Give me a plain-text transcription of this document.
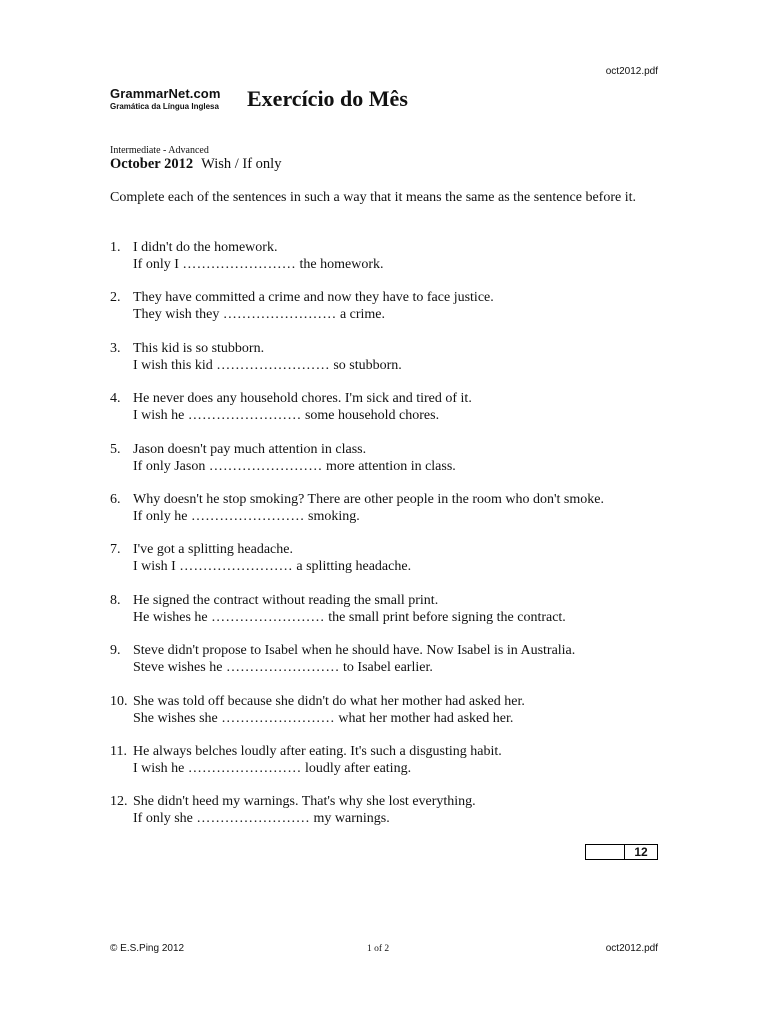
oct2012.pdf
GrammarNet.com
Gramática da Língua Inglesa Exercício do Mês
Intermediate - Advanced
October 2012 Wish / If only
Complete each of the sentences in such a way that it means the same as the sentence before it.
1. I didn't do the homework.
If only I …………………… the homework.
2. They have committed a crime and now they have to face justice.
They wish they …………………… a crime.
3. This kid is so stubborn.
I wish this kid …………………… so stubborn.
4. He never does any household chores. I'm sick and tired of it.
I wish he …………………… some household chores.
5. Jason doesn't pay much attention in class.
If only Jason …………………… more attention in class.
6. Why doesn't he stop smoking? There are other people in the room who don't smoke.
If only he …………………… smoking.
7. I've got a splitting headache.
I wish I …………………… a splitting headache.
8. He signed the contract without reading the small print.
He wishes he …………………… the small print before signing the contract.
9. Steve didn't propose to Isabel when he should have. Now Isabel is in Australia.
Steve wishes he …………………… to Isabel earlier.
10. She was told off because she didn't do what her mother had asked her.
She wishes she …………………… what her mother had asked her.
11. He always belches loudly after eating. It's such a disgusting habit.
I wish he …………………… loudly after eating.
12. She didn't heed my warnings. That's why she lost everything.
If only she …………………… my warnings.
12
© E.S.Ping 2012	1 of 2	oct2012.pdf
